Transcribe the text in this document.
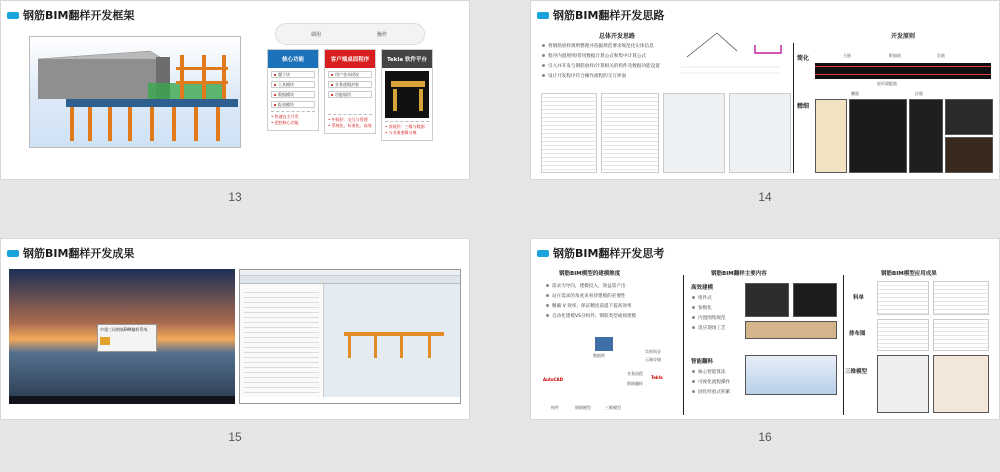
钢筋BIM翻样开发框架
调用	操作
核心功能
题干块
工具模块
数据模块
报表模块
• 快速自主开发
• 把控核心功能
客户端桌面程序
用户登录授权
业务逻辑封装
功能填用
• 中间层：交互与管理
• 系统化、标准化、高效
Tekla 软件平台
• 表现层：三维与数据
• 与业务逻辑分离
13
钢筋BIM翻样开发思路
总体开发思路
将钢筋放样规则整理并依据规范要求规范化实体信息
程序内置规则/常用数据计算公式和集中计算公式
引入并开发与钢筋放样/计算相关的构件及数据功能设置
设计开发程序符合操作流程的交互界面
开发原则
简化
精细
主筋	附加筋	负筋
矩形梁配筋
腰筋	拉筋
14
钢筋BIM翻样开发成果
中建三局钢筋BIM翻样系统
15
钢筋BIM翻样开发思考
钢筋BIM模型的建模维度
需求为导向，建模投入，效益需产出
站在需求的角度来看待建模的必要性
精确 V 效率，保证精度前提下提高效率
自动化建模VS分构件、钢筋类型或视建模
数据库
实时同步
云端存储
业务流程
钢筋翻样
AutoCAD	Tekla
构件	钢筋模型	三维模型
钢筋BIM翻样主要内容
高效建模
组件式
参数化
内置图集规范
适应现场工艺
智能翻料
核心智能算法
可视化流程操作
固化经验式积累
钢筋BIM模型应用成果
料单
排布图
三维模型
16
